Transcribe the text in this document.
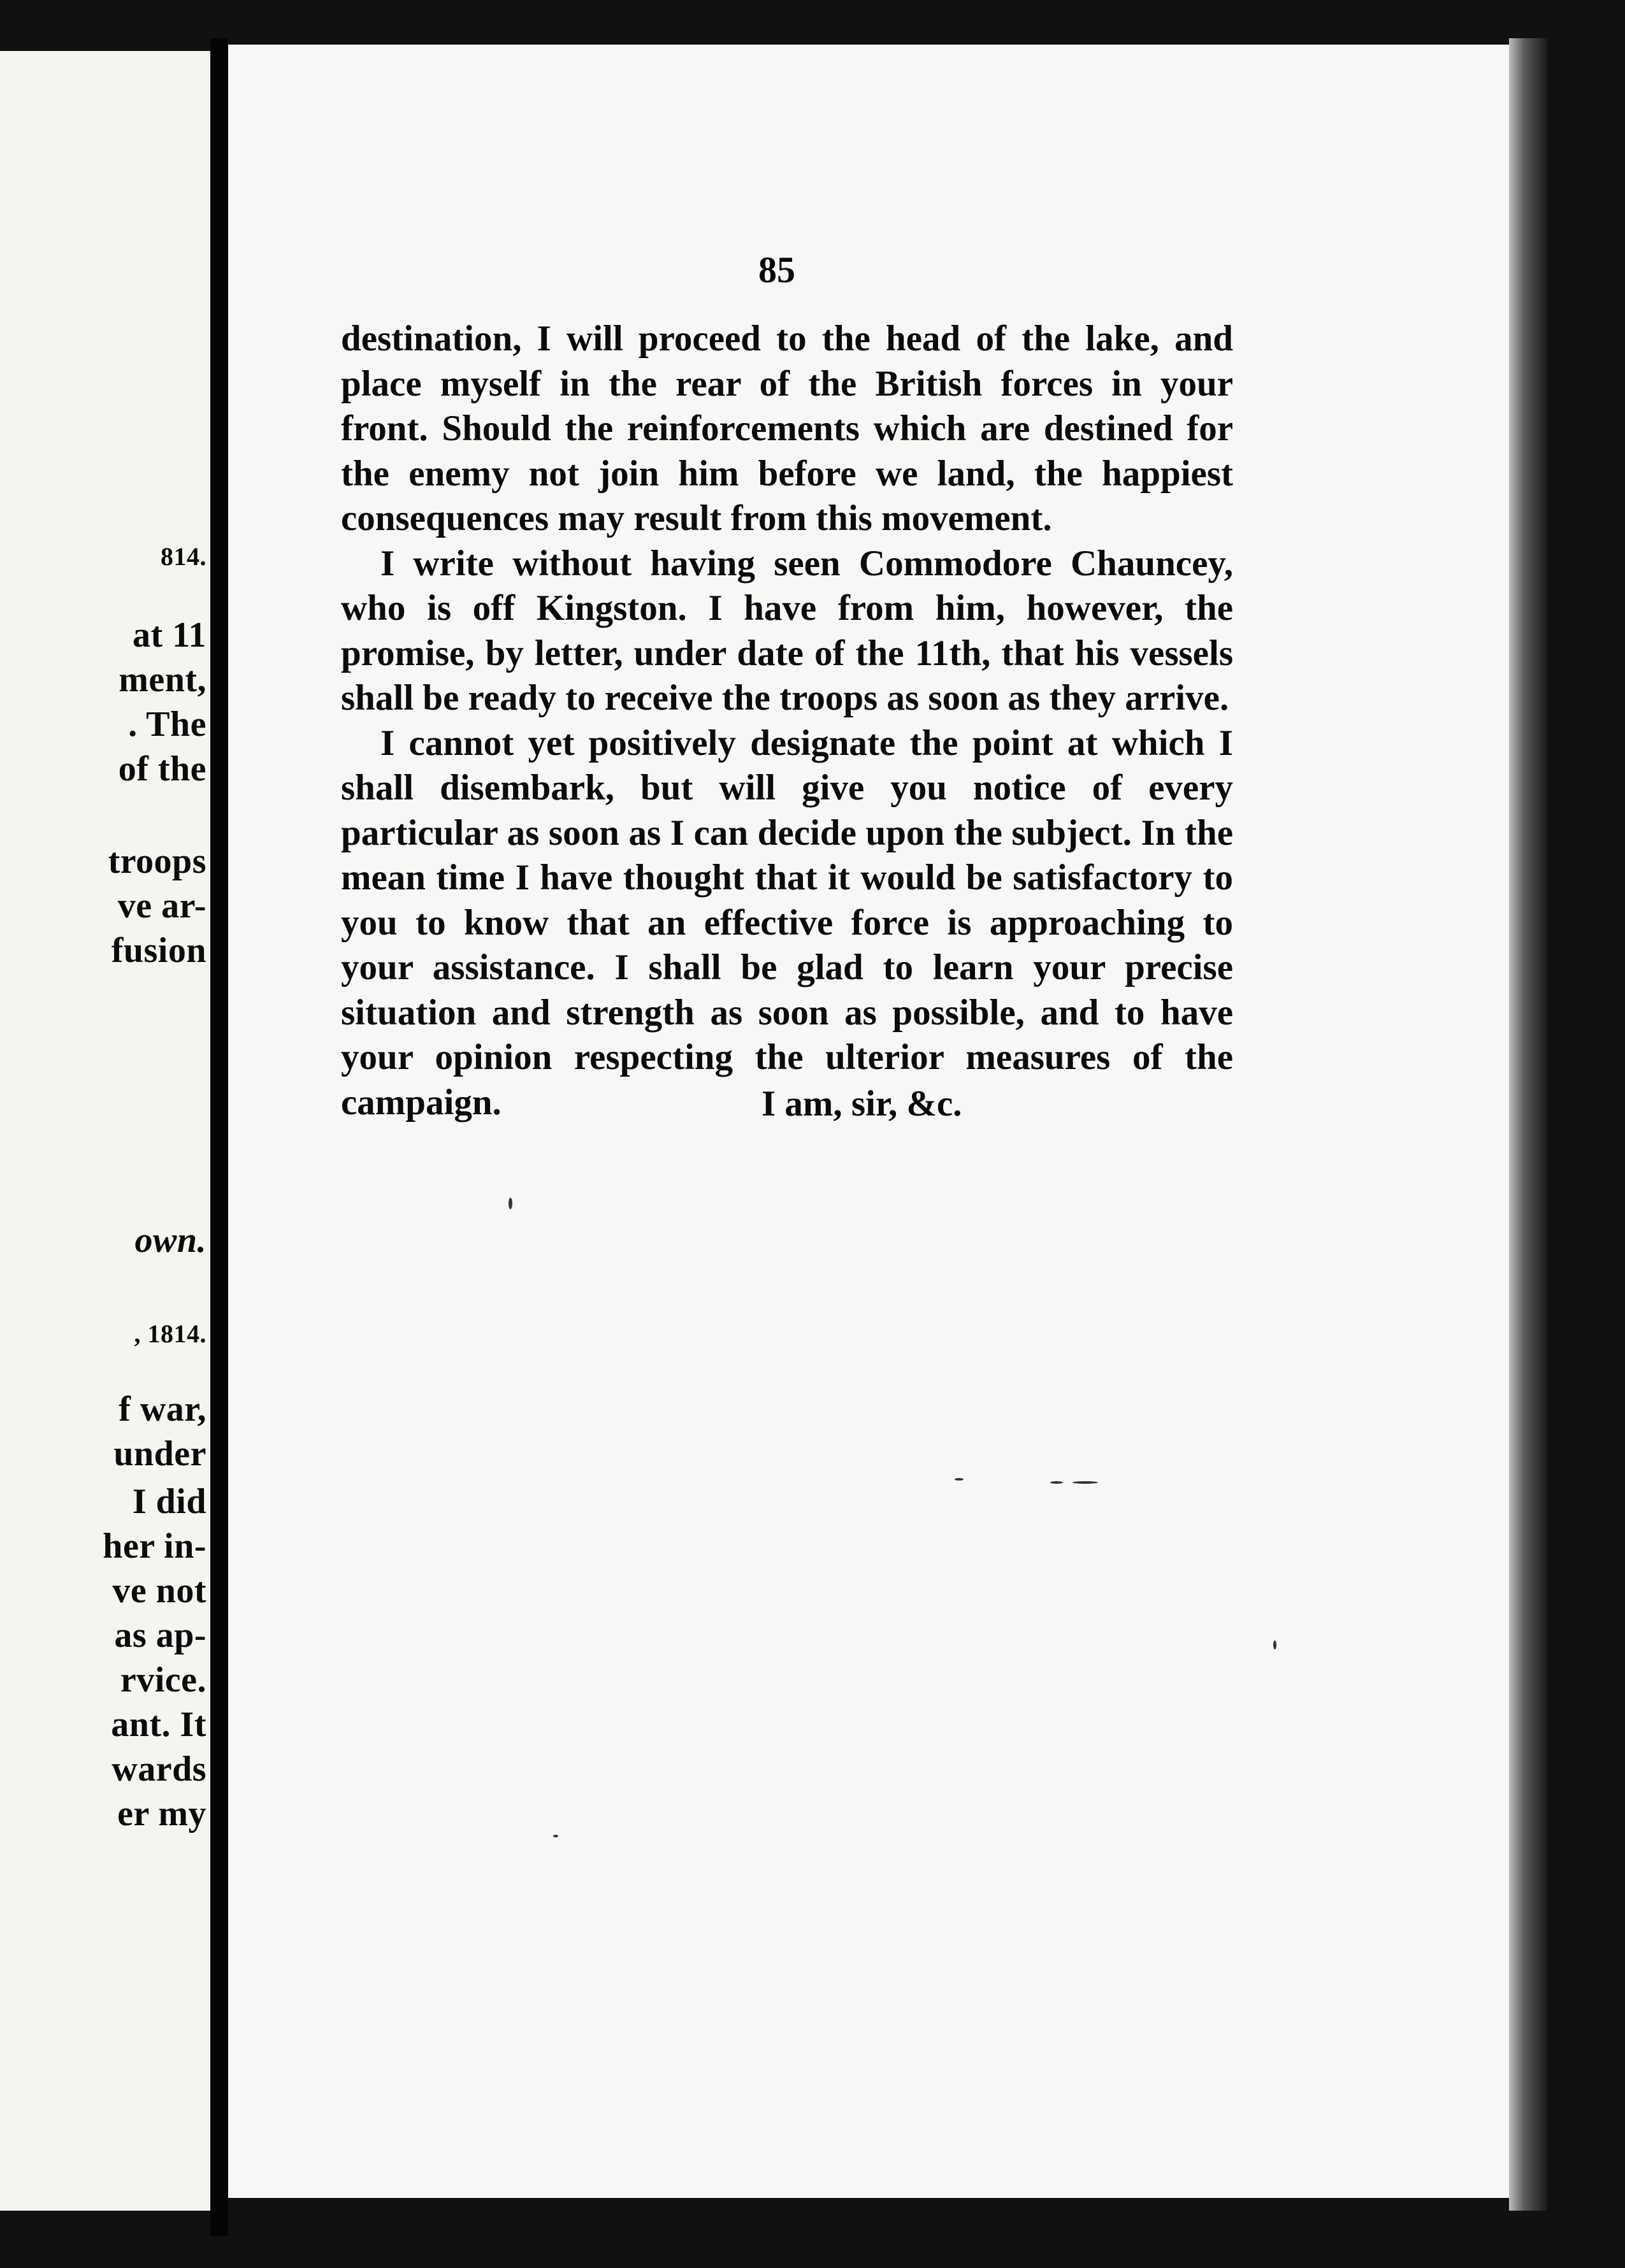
814.
at 11
ment,
. The
of the
troops
ve ar-
fusion
own.
, 1814.
f war,
under
I did
her in-
ve not
as ap-
rvice.
ant. It
wards
er my
85

destination, I will proceed to the head of the lake, and place myself in the rear of the British forces in your front. Should the reinforcements which are destined for the enemy not join him before we land, the happiest consequences may result from this movement.

I write without having seen Commodore Chauncey, who is off Kingston. I have from him, however, the promise, by letter, under date of the 11th, that his vessels shall be ready to receive the troops as soon as they arrive.

I cannot yet positively designate the point at which I shall disembark, but will give you notice of every particular as soon as I can decide upon the subject. In the mean time I have thought that it would be satisfactory to you to know that an effective force is approaching to your assistance. I shall be glad to learn your precise situation and strength as soon as possible, and to have your opinion respecting the ulterior measures of the campaign.	I am, sir, &c.
